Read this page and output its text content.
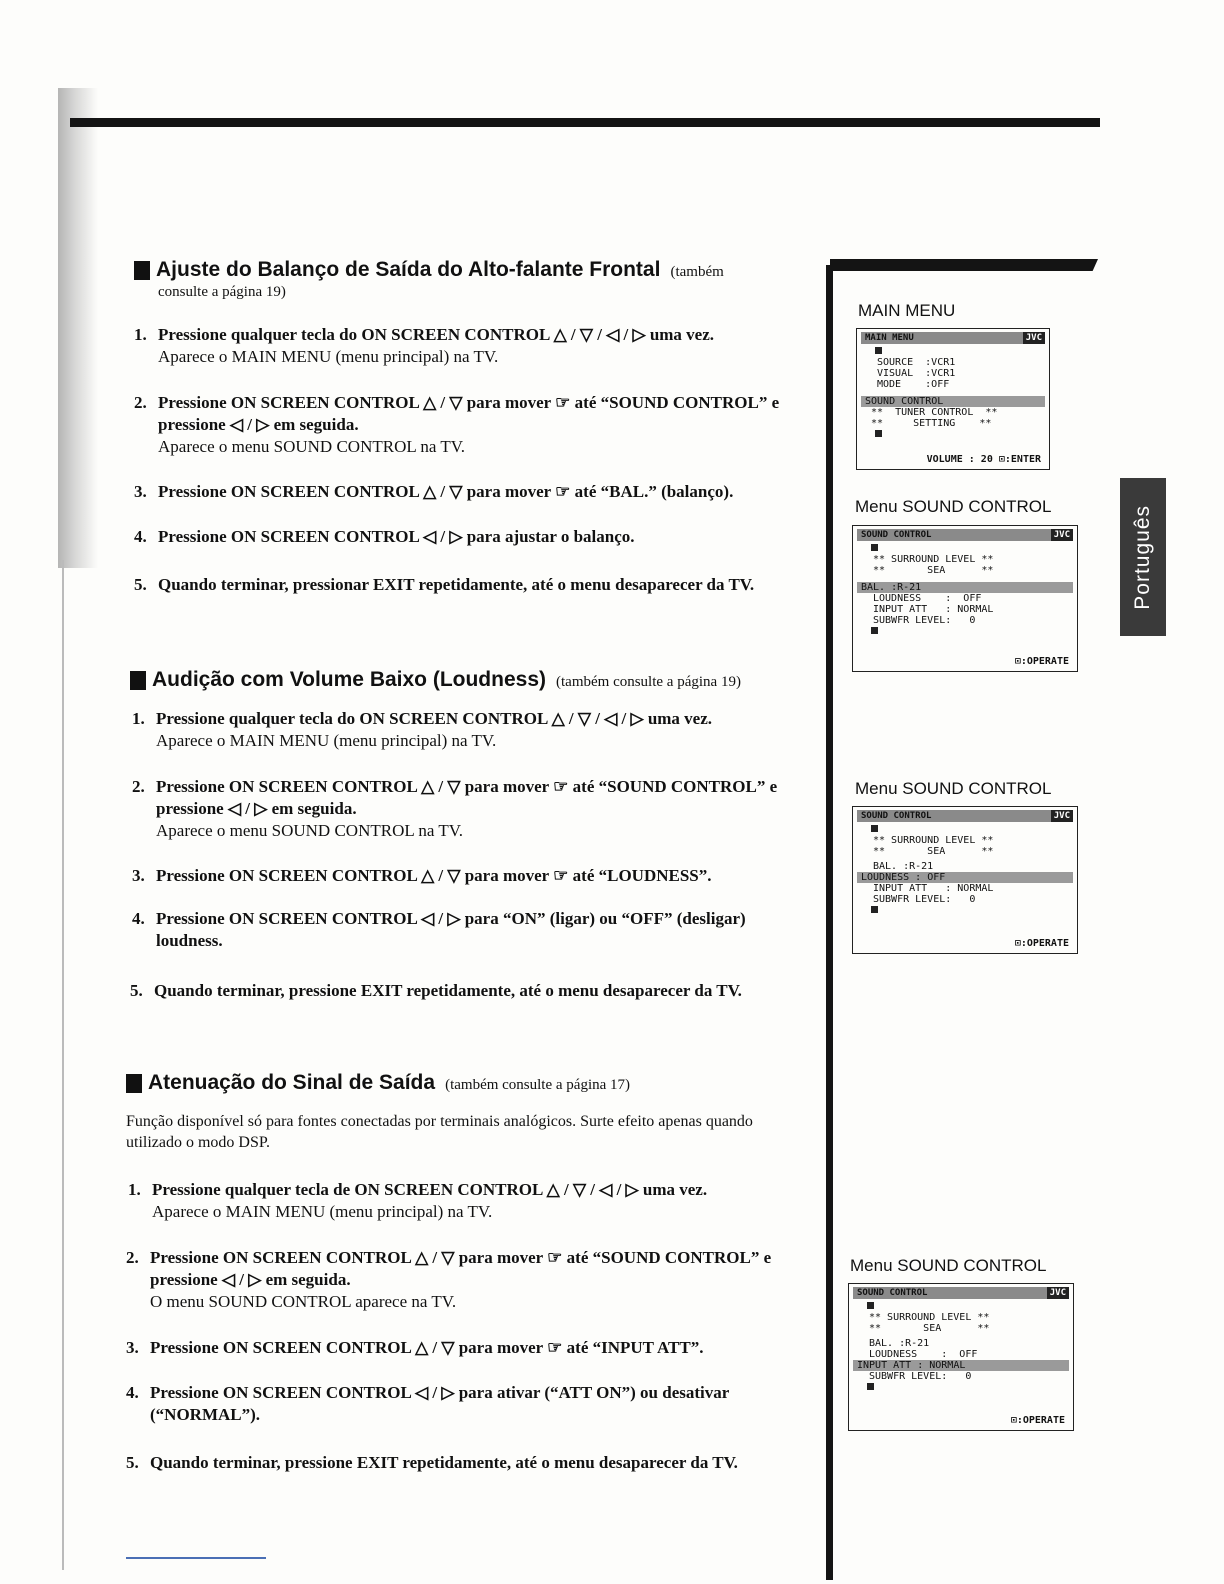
Português
Ajuste do Balanço de Saída do Alto-falante Frontal (também
consulte a página 19)
1. Pressione qualquer tecla do ON SCREEN CONTROL △ / ▽ / ◁ / ▷ uma vez.
Aparece o MAIN MENU (menu principal) na TV.
2. Pressione ON SCREEN CONTROL △ / ▽ para mover ☞ até “SOUND CONTROL” e pressione ◁ / ▷ em seguida.
Aparece o menu SOUND CONTROL na TV.
3. Pressione ON SCREEN CONTROL △ / ▽ para mover ☞ até “BAL.” (balanço).
4. Pressione ON SCREEN CONTROL ◁ / ▷ para ajustar o balanço.
5. Quando terminar, pressionar EXIT repetidamente, até o menu desaparecer da TV.
Audição com Volume Baixo (Loudness) (também consulte a página 19)
1. Pressione qualquer tecla do ON SCREEN CONTROL △ / ▽ / ◁ / ▷ uma vez.
Aparece o MAIN MENU (menu principal) na TV.
2. Pressione ON SCREEN CONTROL △ / ▽ para mover ☞ até “SOUND CONTROL” e pressione ◁ / ▷ em seguida.
Aparece o menu SOUND CONTROL na TV.
3. Pressione ON SCREEN CONTROL △ / ▽ para mover ☞ até “LOUDNESS”.
4. Pressione ON SCREEN CONTROL ◁ / ▷ para “ON” (ligar) ou “OFF” (desligar) loudness.
5. Quando terminar, pressione EXIT repetidamente, até o menu desaparecer da TV.
Atenuação do Sinal de Saída (também consulte a página 17)
Função disponível só para fontes conectadas por terminais analógicos. Surte efeito apenas quando utilizado o modo DSP.
1. Pressione qualquer tecla de ON SCREEN CONTROL △ / ▽ / ◁ / ▷ uma vez.
Aparece o MAIN MENU (menu principal) na TV.
2. Pressione ON SCREEN CONTROL △ / ▽ para mover ☞ até “SOUND CONTROL” e pressione ◁ / ▷ em seguida.
O menu SOUND CONTROL aparece na TV.
3. Pressione ON SCREEN CONTROL △ / ▽ para mover ☞ até “INPUT ATT”.
4. Pressione ON SCREEN CONTROL ◁ / ▷ para ativar (“ATT ON”) ou desativar (“NORMAL”).
5. Quando terminar, pressione EXIT repetidamente, até o menu desaparecer da TV.
MAIN MENU
MAIN MENU	JVC
SOURCE  :VCR1
VISUAL  :VCR1
MODE    :OFF
SOUND CONTROL
**  TUNER CONTROL  **
**     SETTING    **
VOLUME : 20 ⊡:ENTER
Menu SOUND CONTROL
SOUND CONTROL	JVC
** SURROUND LEVEL **
**       SEA      **
BAL. :R-21
LOUDNESS    :  OFF
INPUT ATT   : NORMAL
SUBWFR LEVEL:   0
⊡:OPERATE
Menu SOUND CONTROL
SOUND CONTROL	JVC
** SURROUND LEVEL **
**       SEA      **
BAL. :R-21
LOUDNESS : OFF
INPUT ATT   : NORMAL
SUBWFR LEVEL:   0
⊡:OPERATE
Menu SOUND CONTROL
SOUND CONTROL	JVC
** SURROUND LEVEL **
**       SEA      **
BAL. :R-21
LOUDNESS    :  OFF
INPUT ATT : NORMAL
SUBWFR LEVEL:   0
⊡:OPERATE
